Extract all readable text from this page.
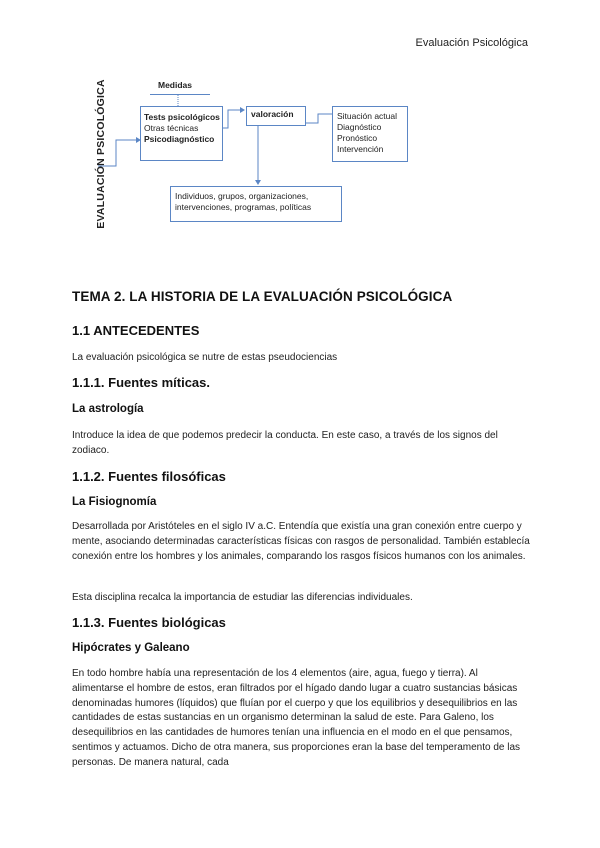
Evaluación Psicológica
EVALUACIÓN PSICOLÓGICA	Medidas
Tests psicológicos
Otras técnicas
Psicodiagnóstico
valoración	Situación actual
Diagnóstico
Pronóstico
Intervención
Individuos, grupos, organizaciones,
intervenciones, programas, políticas
TEMA 2. LA HISTORIA DE LA EVALUACIÓN PSICOLÓGICA
1.1 ANTECEDENTES

La evaluación psicológica se nutre de estas pseudociencias

1.1.1. Fuentes míticas.
La astrología

Introduce la idea de que podemos predecir la conducta. En este caso, a través de los signos del zodiaco.

1.1.2. Fuentes filosóficas
La Fisiognomía

Desarrollada por Aristóteles en el siglo IV a.C. Entendía que existía una gran conexión entre cuerpo y mente, asociando determinadas características físicas con rasgos de personalidad. También establecía conexión entre los hombres y los animales, comparando los rasgos físicos humanos con los animales.

Esta disciplina recalca la importancia de estudiar las diferencias individuales.

1.1.3. Fuentes biológicas
Hipócrates y Galeano

En todo hombre había una representación de los 4 elementos (aire, agua, fuego y tierra). Al alimentarse el hombre de estos, eran filtrados por el hígado dando lugar a cuatro sustancias básicas denominadas humores (líquidos) que fluían por el cuerpo y que los equilibrios y desequilibrios en las cantidades de estas sustancias en un organismo determinan la salud de este. Para Galeno, los desequilibrios en las cantidades de humores tenían una influencia en el modo en el que pensamos, sentimos y actuamos. Dicho de otra manera, sus proporciones eran la base del temperamento de las personas. De manera natural, cada
